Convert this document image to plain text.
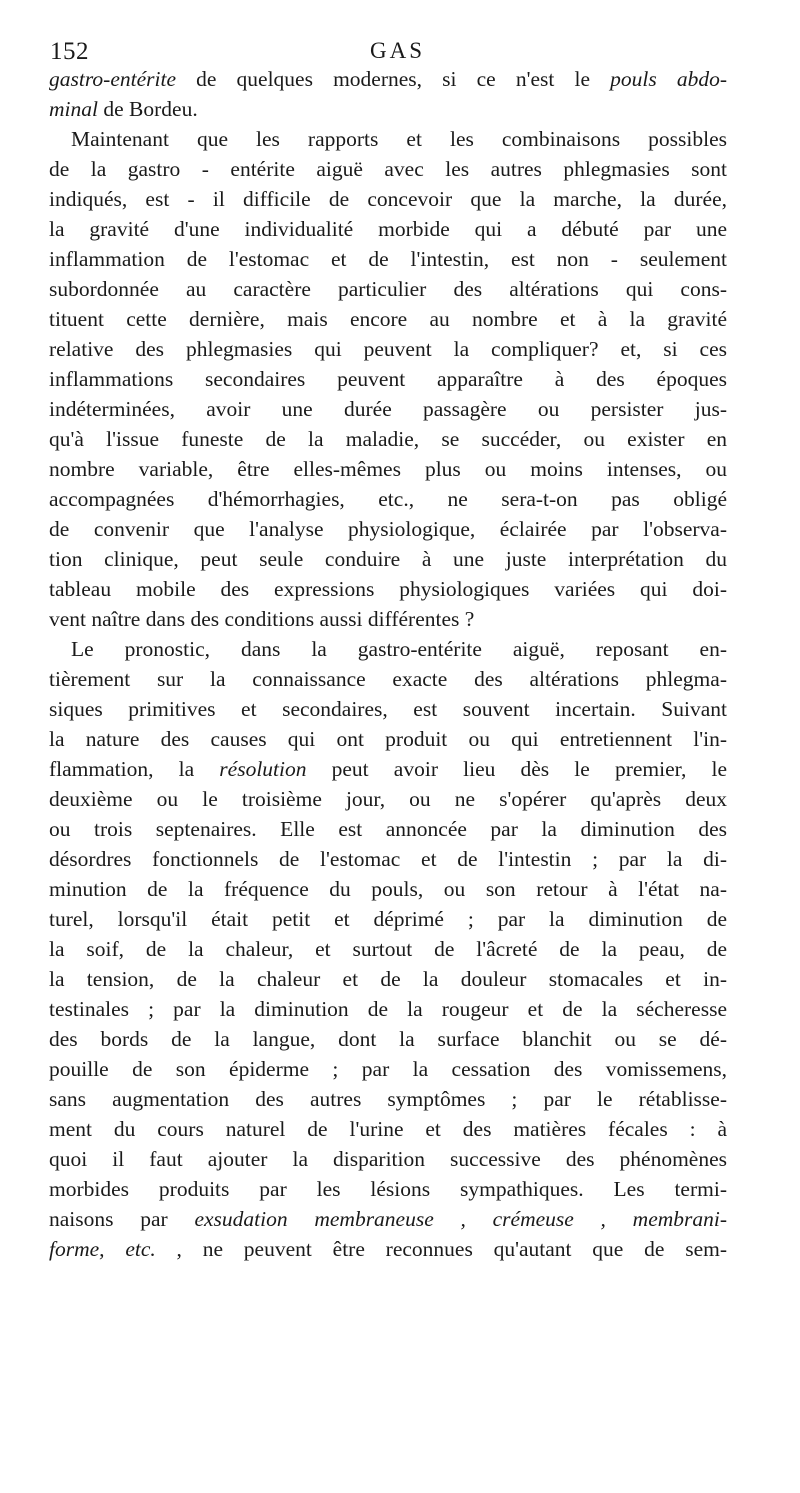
152	GAS
gastro-entérite de quelques modernes, si ce n'est le pouls abdo-
minal de Bordeu.
Maintenant que les rapports et les combinaisons possibles
de la gastro - entérite aiguë avec les autres phlegmasies sont
indiqués, est - il difficile de concevoir que la marche, la durée,
la gravité d'une individualité morbide qui a débuté par une
inflammation de l'estomac et de l'intestin, est non - seulement
subordonnée au caractère particulier des altérations qui cons-
tituent cette dernière, mais encore au nombre et à la gravité
relative des phlegmasies qui peuvent la compliquer? et, si ces
inflammations secondaires peuvent apparaître à des époques
indéterminées, avoir une durée passagère ou persister jus-
qu'à l'issue funeste de la maladie, se succéder, ou exister en
nombre variable, être elles-mêmes plus ou moins intenses, ou
accompagnées d'hémorrhagies, etc., ne sera-t-on pas obligé
de convenir que l'analyse physiologique, éclairée par l'observa-
tion clinique, peut seule conduire à une juste interprétation du
tableau mobile des expressions physiologiques variées qui doi-
vent naître dans des conditions aussi différentes ?
Le pronostic, dans la gastro-entérite aiguë, reposant en-
tièrement sur la connaissance exacte des altérations phlegma-
siques primitives et secondaires, est souvent incertain. Suivant
la nature des causes qui ont produit ou qui entretiennent l'in-
flammation, la résolution peut avoir lieu dès le premier, le
deuxième ou le troisième jour, ou ne s'opérer qu'après deux
ou trois septenaires. Elle est annoncée par la diminution des
désordres fonctionnels de l'estomac et de l'intestin ; par la di-
minution de la fréquence du pouls, ou son retour à l'état na-
turel, lorsqu'il était petit et déprimé ; par la diminution de
la soif, de la chaleur, et surtout de l'âcreté de la peau, de
la tension, de la chaleur et de la douleur stomacales et in-
testinales ; par la diminution de la rougeur et de la sécheresse
des bords de la langue, dont la surface blanchit ou se dé-
pouille de son épiderme ; par la cessation des vomissemens,
sans augmentation des autres symptômes ; par le rétablisse-
ment du cours naturel de l'urine et des matières fécales : à
quoi il faut ajouter la disparition successive des phénomènes
morbides produits par les lésions sympathiques. Les termi-
naisons par exsudation membraneuse , crémeuse , membrani-
forme, etc. , ne peuvent être reconnues qu'autant que de sem-
